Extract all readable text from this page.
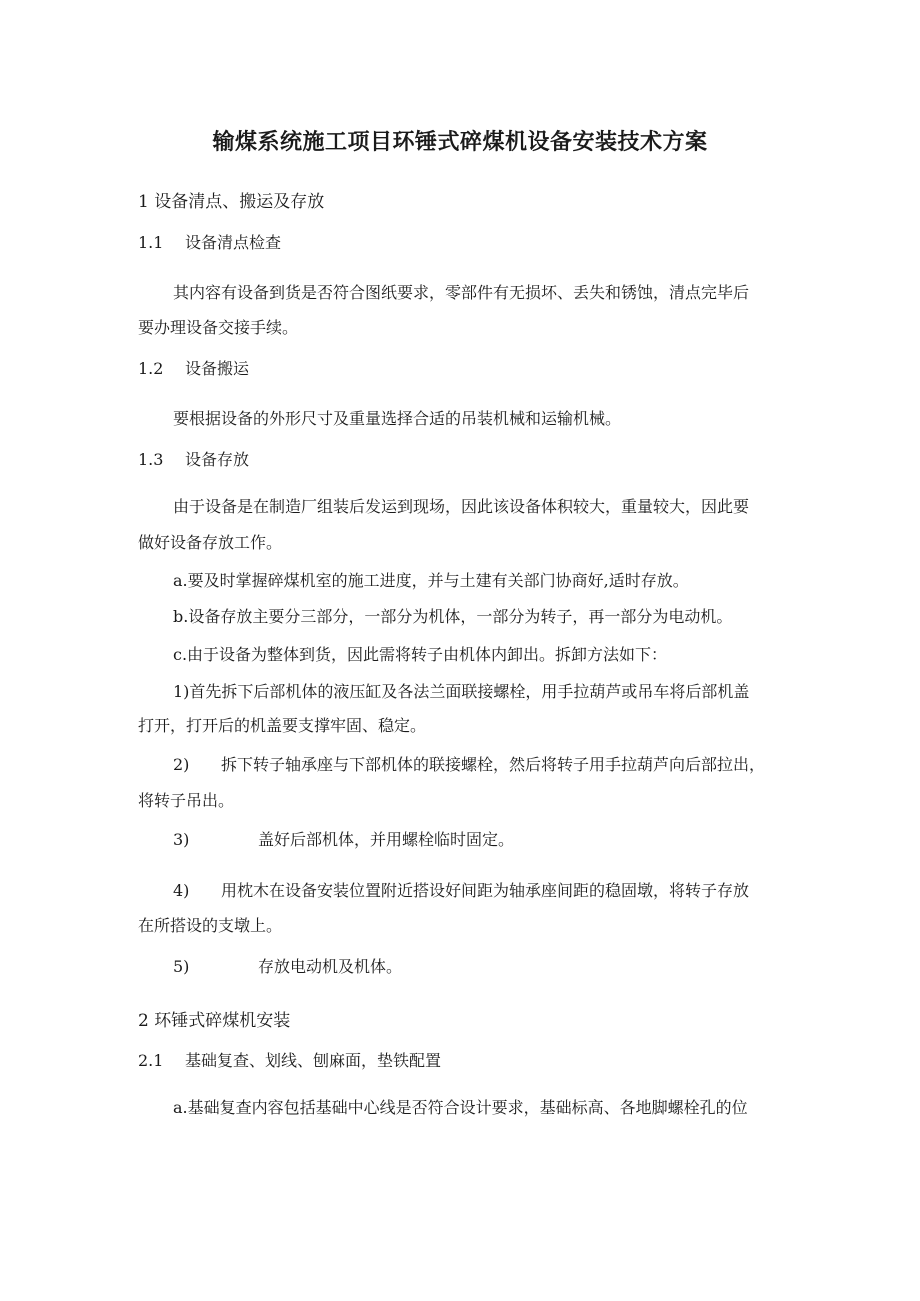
输煤系统施工项目环锤式碎煤机设备安装技术方案
1 设备清点、搬运及存放
1.1 设备清点检查
其内容有设备到货是否符合图纸要求，零部件有无损坏、丢失和锈蚀，清点完毕后
要办理设备交接手续。
1.2 设备搬运
要根据设备的外形尺寸及重量选择合适的吊装机械和运输机械。
1.3 设备存放
由于设备是在制造厂组装后发运到现场，因此该设备体积较大，重量较大，因此要
做好设备存放工作。
a.要及时掌握碎煤机室的施工进度，并与土建有关部门协商好,适时存放。
b.设备存放主要分三部分，一部分为机体，一部分为转子，再一部分为电动机。
c.由于设备为整体到货，因此需将转子由机体内卸出。拆卸方法如下：
1)首先拆下后部机体的液压缸及各法兰面联接螺栓，用手拉葫芦或吊车将后部机盖
打开，打开后的机盖要支撑牢固、稳定。
2) 拆下转子轴承座与下部机体的联接螺栓，然后将转子用手拉葫芦向后部拉出，
将转子吊出。
3)	盖好后部机体，并用螺栓临时固定。
4) 用枕木在设备安装位置附近搭设好间距为轴承座间距的稳固墩，将转子存放
在所搭设的支墩上。
5)	存放电动机及机体。
2 环锤式碎煤机安装
2.1 基础复查、划线、刨麻面，垫铁配置
a.基础复查内容包括基础中心线是否符合设计要求，基础标高、各地脚螺栓孔的位
